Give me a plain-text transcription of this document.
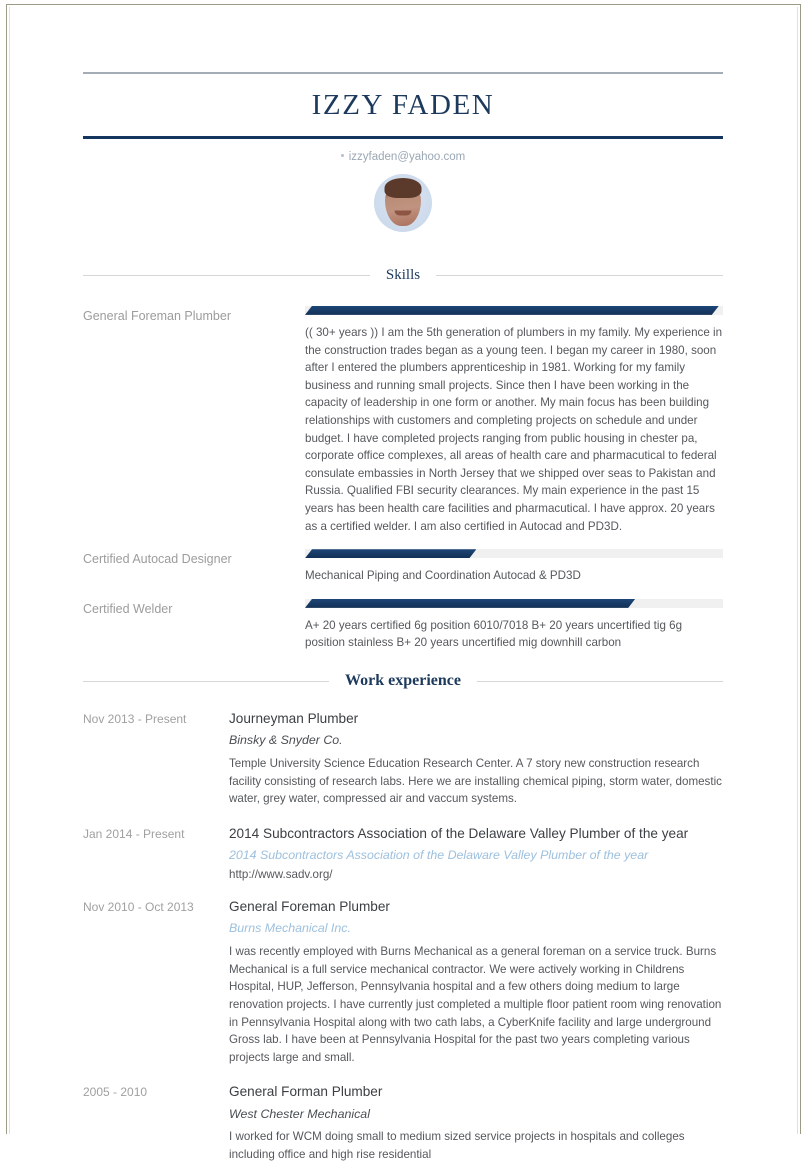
IZZY FADEN
izzyfaden@yahoo.com
Skills
General Foreman Plumber
(( 30+ years )) I am the 5th generation of plumbers in my family. My experience in the construction trades began as a young teen. I began my career in 1980, soon after I entered the plumbers apprenticeship in 1981. Working for my family business and running small projects. Since then I have been working in the capacity of leadership in one form or another. My main focus has been building relationships with customers and completing projects on schedule and under budget. I have completed projects ranging from public housing in chester pa, corporate office complexes, all areas of health care and pharmacutical to federal consulate embassies in North Jersey that we shipped over seas to Pakistan and Russia. Qualified FBI security clearances. My main experience in the past 15 years has been health care facilities and pharmacutical. I have approx. 20 years as a certified welder. I am also certified in Autocad and PD3D.
Certified Autocad Designer
Mechanical Piping and Coordination Autocad & PD3D
Certified Welder
A+ 20 years certified 6g position 6010/7018 B+ 20 years uncertified tig 6g position stainless B+ 20 years uncertified mig downhill carbon
Work experience
Nov 2013 - Present	Journeyman Plumber
Binsky & Snyder Co.
Temple University Science Education Research Center. A 7 story new construction research facility consisting of research labs. Here we are installing chemical piping, storm water, domestic water, grey water, compressed air and vaccum systems.
Jan 2014 - Present	2014 Subcontractors Association of the Delaware Valley Plumber of the year
2014 Subcontractors Association of the Delaware Valley Plumber of the year
http://www.sadv.org/
Nov 2010 - Oct 2013	General Foreman Plumber
Burns Mechanical Inc.
I was recently employed with Burns Mechanical as a general foreman on a service truck. Burns Mechanical is a full service mechanical contractor. We were actively working in Childrens Hospital, HUP, Jefferson, Pennsylvania hospital and a few others doing medium to large renovation projects. I have currently just completed a multiple floor patient room wing renovation in Pennsylvania Hospital along with two cath labs, a CyberKnife facility and large underground Gross lab. I have been at Pennsylvania Hospital for the past two years completing various projects large and small.
2005 - 2010	General Forman Plumber
West Chester Mechanical
I worked for WCM doing small to medium sized service projects in hospitals and colleges including office and high rise residential
